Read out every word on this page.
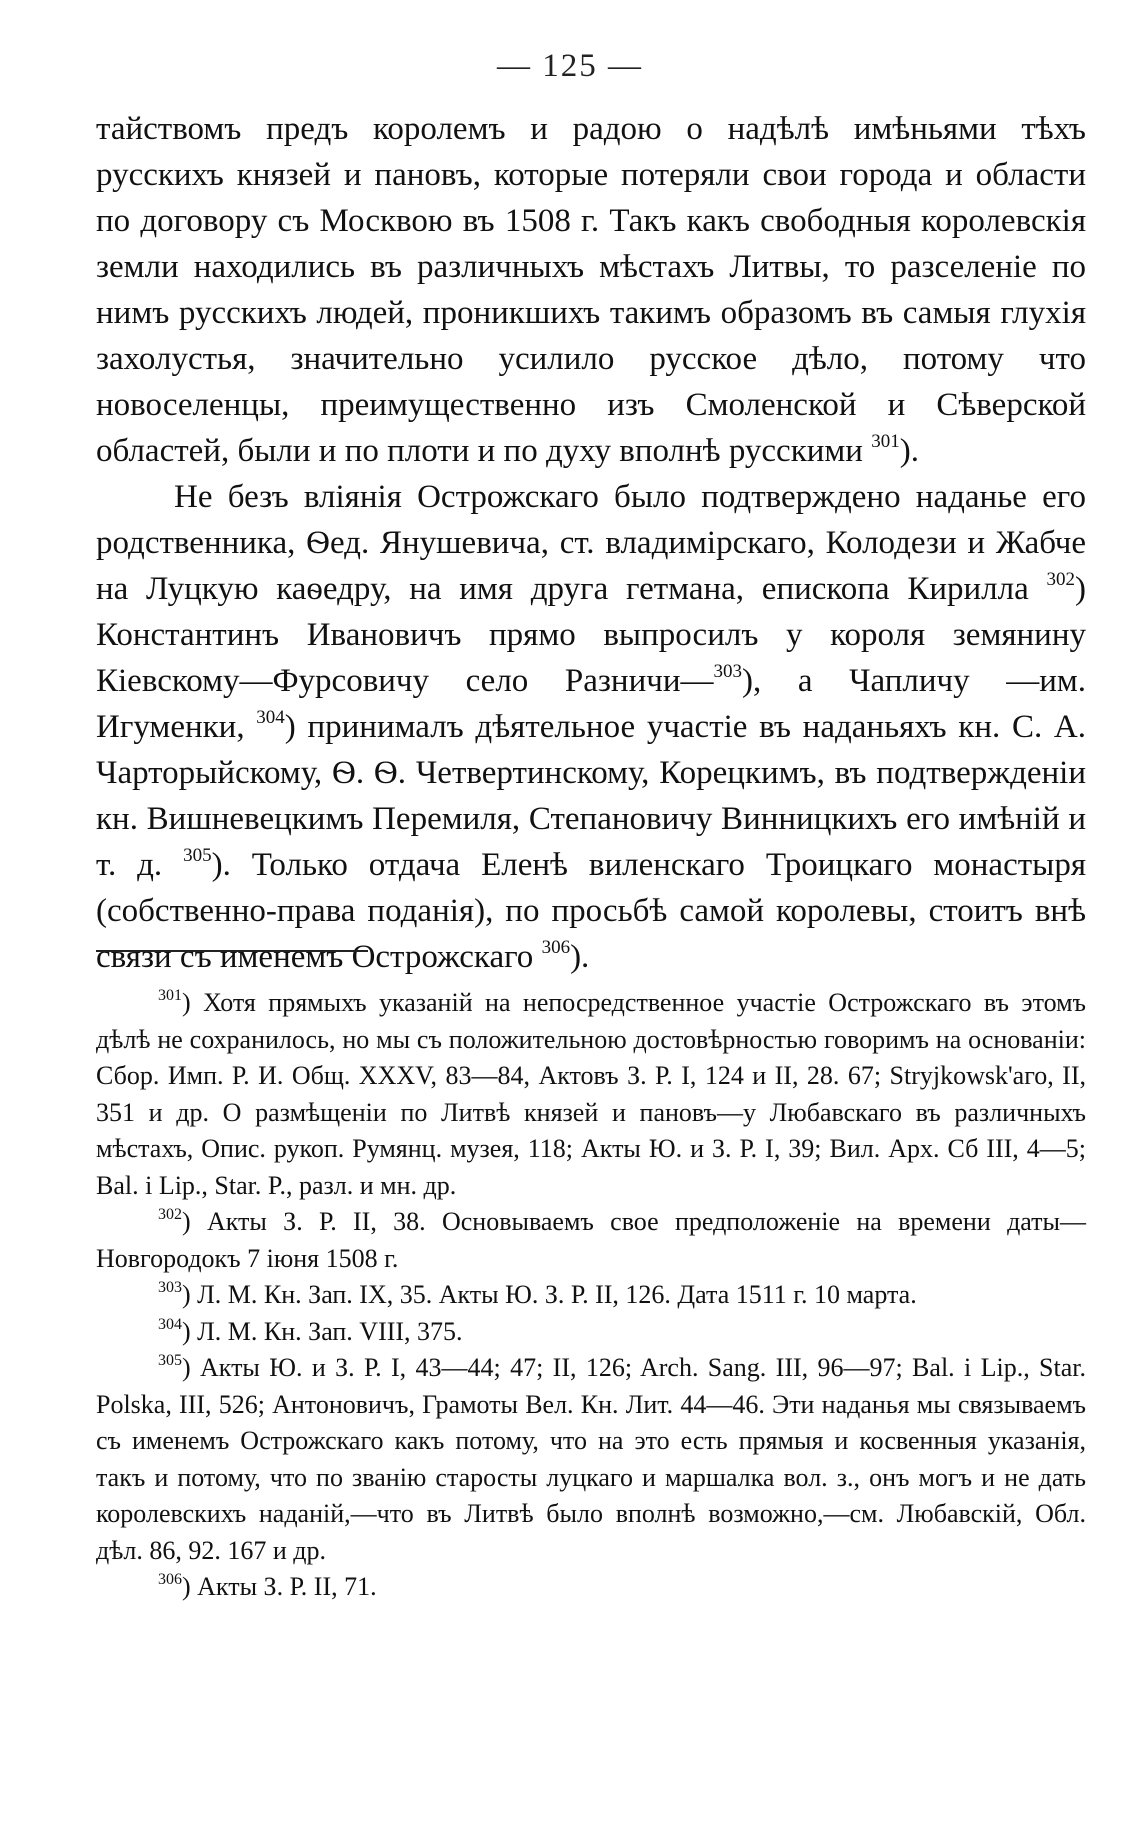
— 125 —

тайствомъ предъ королемъ и радою о надѣлѣ имѣньями тѣхъ русскихъ князей и пановъ, которые потеряли свои города и области по договору съ Москвою въ 1508 г. Такъ какъ свободныя королевскія земли находились въ различныхъ мѣстахъ Литвы, то разселеніе по нимъ русскихъ людей, проникшихъ такимъ образомъ въ самыя глухія захолустья, значительно усилило русское дѣло, потому что новоселенцы, преимущественно изъ Смоленской и Сѣверской областей, были и по плоти и по духу вполнѣ русскими $^{301}$).

Не безъ вліянія Острожскаго было подтверждено наданье его родственника, Ѳед. Янушевича, ст. владимірскаго, Колодези и Жабче на Луцкую каѳедру, на имя друга гетмана, епископа Кирилла $^{302}$) Константинъ Ивановичъ прямо выпросилъ у короля земянину Кіевскому—Фурсовичу село Разничи—$^{303}$), а Чапличу —им. Игуменки, $^{304}$) принималъ дѣятельное участіе въ наданьяхъ кн. С. А. Чарторыйскому, Ѳ. Ѳ. Четвертинскому, Корецкимъ, въ подтвержденіи кн. Вишневецкимъ Перемиля, Степановичу Винницкихъ его имѣній и т. д. $^{305}$). Только отдача Еленѣ виленскаго Троицкаго монастыря (собственно-права поданія), по просьбѣ самой королевы, стоитъ внѣ связи съ именемъ Острожскаго $^{306}$).

$^{301}$) Хотя прямыхъ указаній на непосредственное участіе Острожскаго въ этомъ дѣлѣ не сохранилось, но мы съ положительною достовѣрностью говоримъ на основаніи: Сбор. Имп. Р. И. Общ. XXXV, 83—84, Актовъ З. Р. I, 124 и II, 28. 67; Stryjkowsk'аго, II, 351 и др. О размѣщеніи по Литвѣ князей и пановъ—у Любавскаго въ различныхъ мѣстахъ, Опис. рукоп. Румянц. музея, 118; Акты Ю. и З. Р. I, 39; Вил. Арх. Сб III, 4—5; Bal. i Lip., Star. P., разл. и мн. др.

$^{302}$) Акты З. Р. II, 38. Основываемъ свое предположеніе на времени даты—Новгородокъ 7 іюня 1508 г.

$^{303}$) Л. М. Кн. Зап. IX, 35. Акты Ю. З. Р. II, 126. Дата 1511 г. 10 марта.

$^{304}$) Л. М. Кн. Зап. VIII, 375.

$^{305}$) Акты Ю. и З. Р. I, 43—44; 47; II, 126; Arch. Sang. III, 96—97; Bal. i Lip., Star. Polska, III, 526; Антоновичъ, Грамоты Вел. Кн. Лит. 44—46. Эти наданья мы связываемъ съ именемъ Острожскаго какъ потому, что на это есть прямыя и косвенныя указанія, такъ и потому, что по званію старосты луцкаго и маршалка вол. з., онъ могъ и не дать королевскихъ наданій,—что въ Литвѣ было вполнѣ возможно,—см. Любавскій, Обл. дѣл. 86, 92. 167 и др.

$^{306}$) Акты З. Р. II, 71.
